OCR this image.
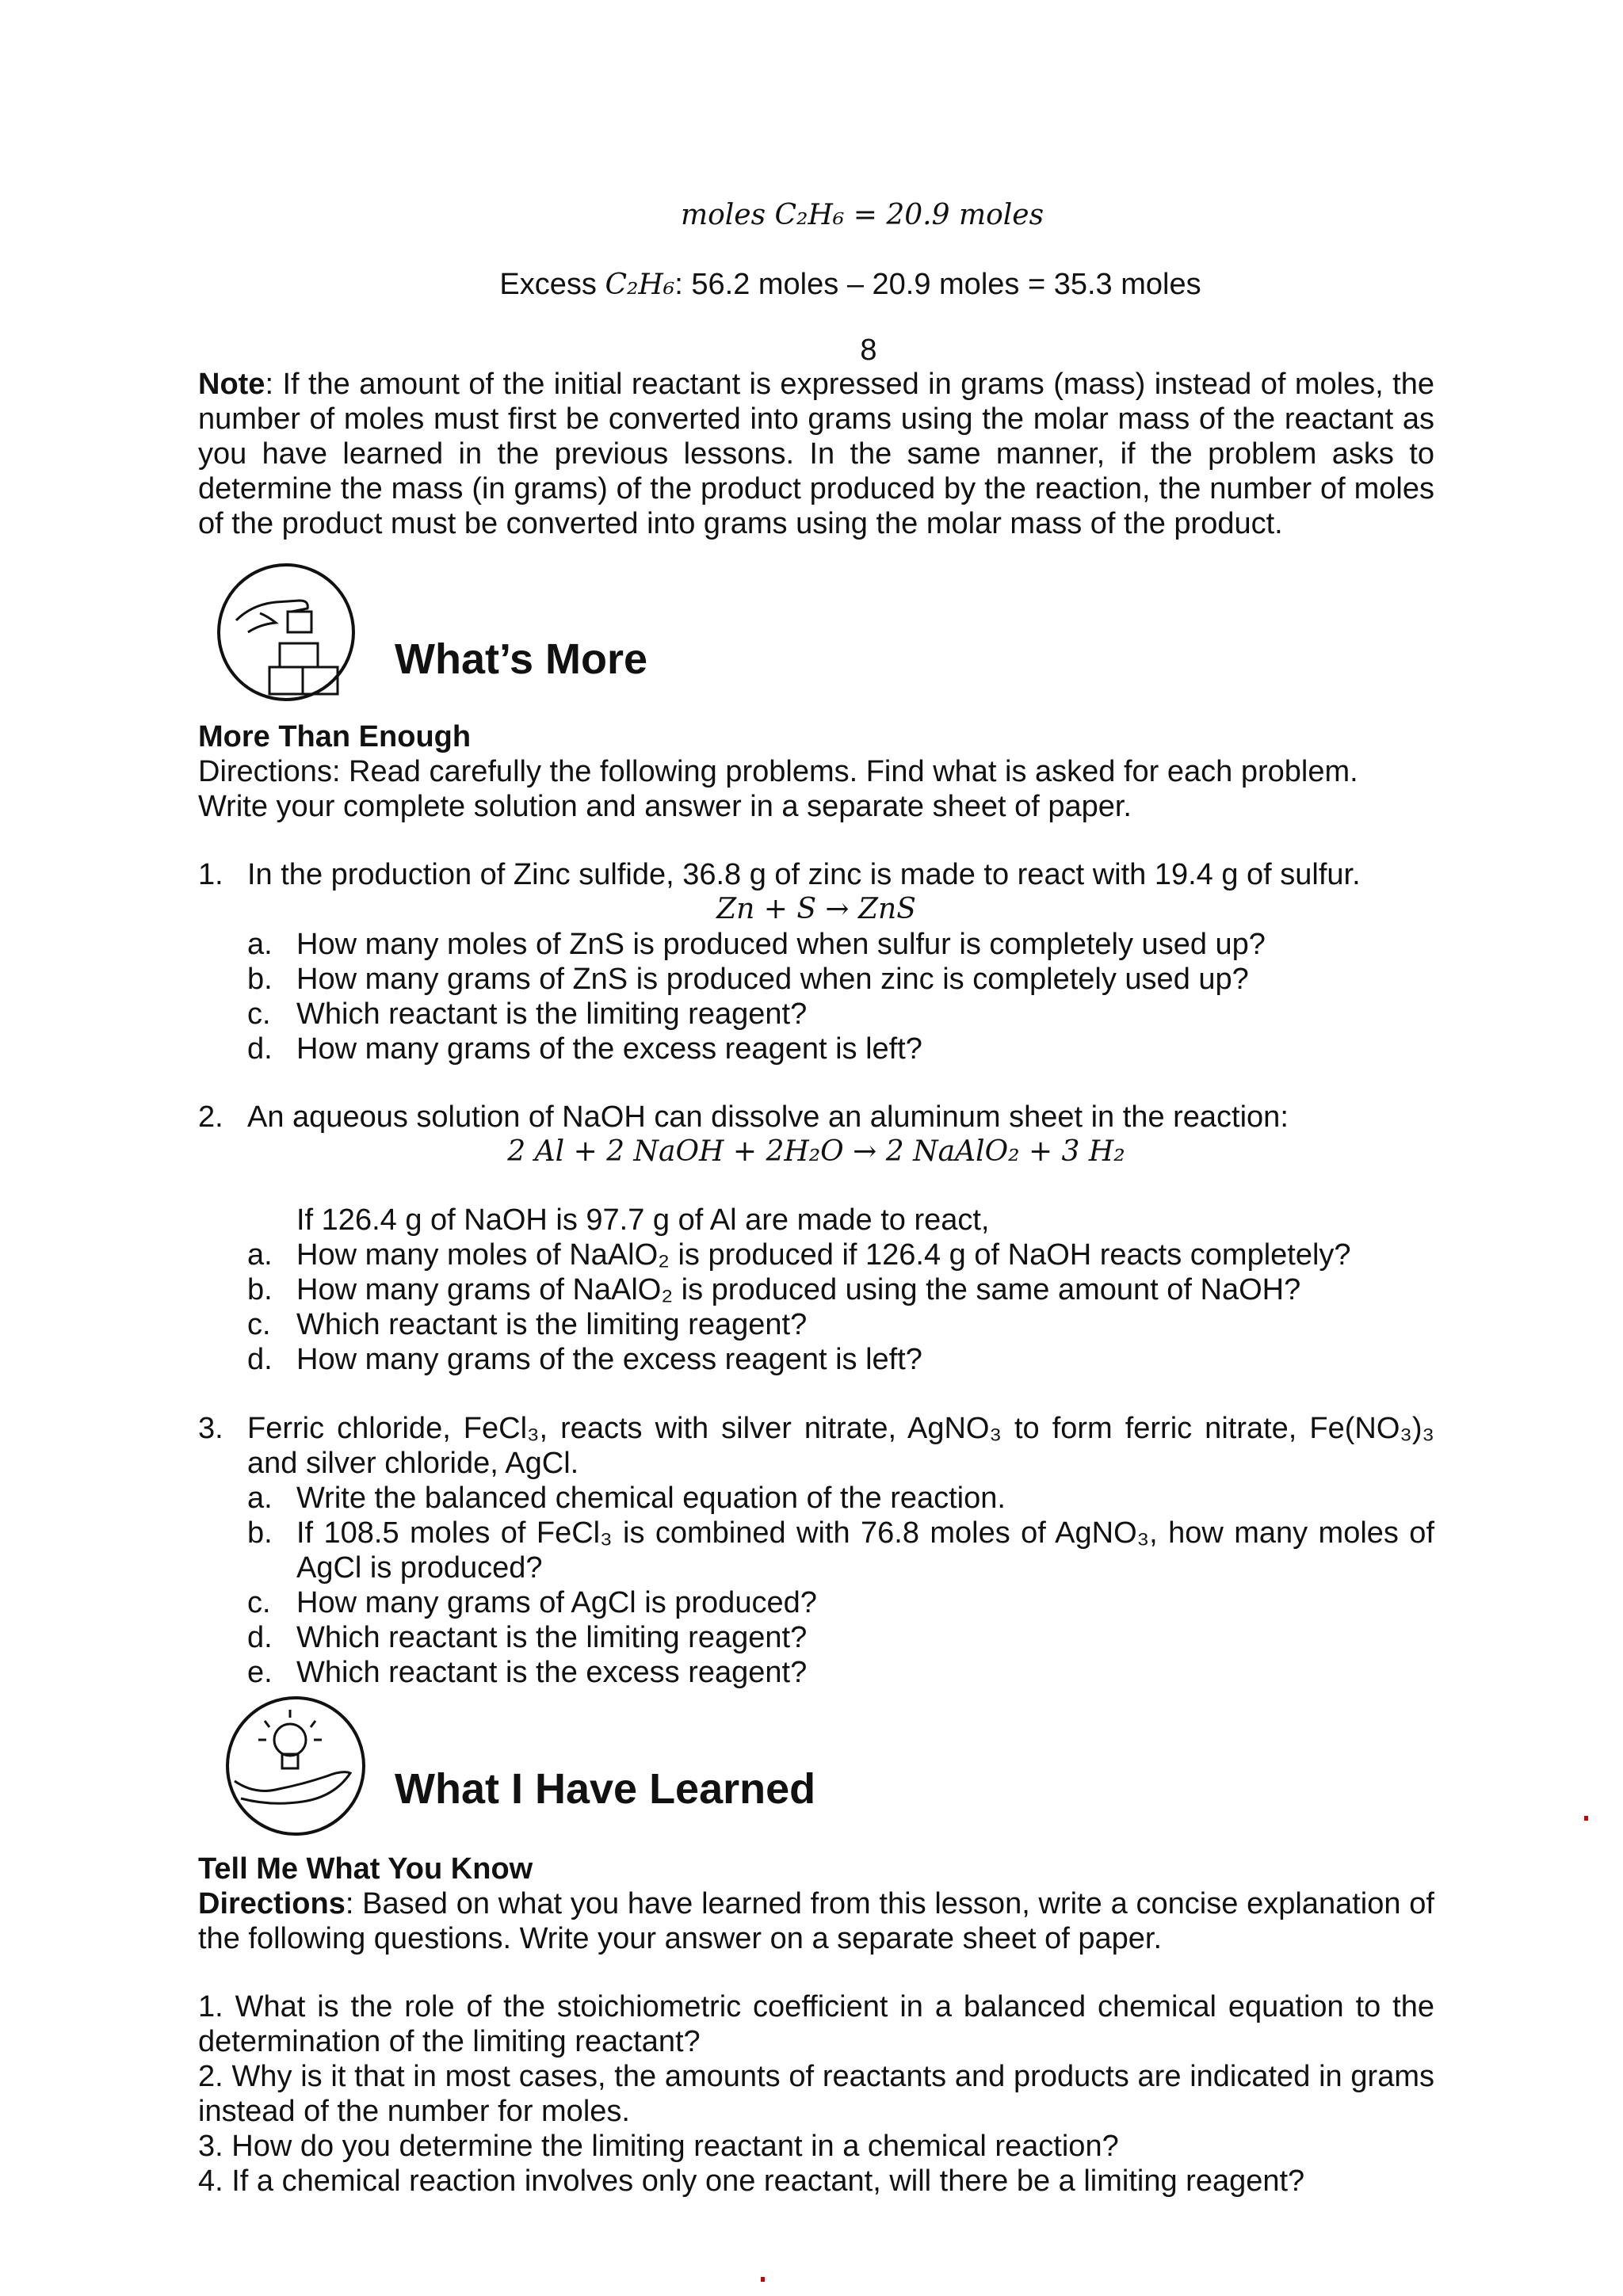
moles C₂H₆ = 20.9 moles
Excess C₂H₆: 56.2 moles – 20.9 moles = 35.3 moles
8

Note: If the amount of the initial reactant is expressed in grams (mass) instead of moles, the number of moles must first be converted into grams using the molar mass of the reactant as you have learned in the previous lessons. In the same manner, if the problem asks to determine the mass (in grams) of the product produced by the reaction, the number of moles of the product must be converted into grams using the molar mass of the product.

What’s More

More Than Enough

Directions: Read carefully the following problems. Find what is asked for each problem.

Write your complete solution and answer in a separate sheet of paper.

1. In the production of Zinc sulfide, 36.8 g of zinc is made to react with 19.4 g of sulfur.
Zn + S → ZnS
a. How many moles of ZnS is produced when sulfur is completely used up?
b. How many grams of ZnS is produced when zinc is completely used up?
c. Which reactant is the limiting reagent?
d. How many grams of the excess reagent is left?
2. An aqueous solution of NaOH can dissolve an aluminum sheet in the reaction:
2 Al + 2 NaOH + 2H₂O → 2 NaAlO₂ + 3 H₂
If 126.4 g of NaOH is 97.7 g of Al are made to react,
a. How many moles of NaAlO₂ is produced if 126.4 g of NaOH reacts completely?
b. How many grams of NaAlO₂ is produced using the same amount of NaOH?
c. Which reactant is the limiting reagent?
d. How many grams of the excess reagent is left?
3. Ferric chloride, FeCl₃, reacts with silver nitrate, AgNO₃ to form ferric nitrate, Fe(NO₃)₃ and silver chloride, AgCl.
a. Write the balanced chemical equation of the reaction.
b. If 108.5 moles of FeCl₃ is combined with 76.8 moles of AgNO₃, how many moles of AgCl is produced?
c. How many grams of AgCl is produced?
d. Which reactant is the limiting reagent?
e. Which reactant is the excess reagent?
What I Have Learned

Tell Me What You Know

Directions: Based on what you have learned from this lesson, write a concise explanation of the following questions. Write your answer on a separate sheet of paper.

1. What is the role of the stoichiometric coefficient in a balanced chemical equation to the determination of the limiting reactant?

2. Why is it that in most cases, the amounts of reactants and products are indicated in grams instead of the number for moles.

3. How do you determine the limiting reactant in a chemical reaction?

4. If a chemical reaction involves only one reactant, will there be a limiting reagent?
